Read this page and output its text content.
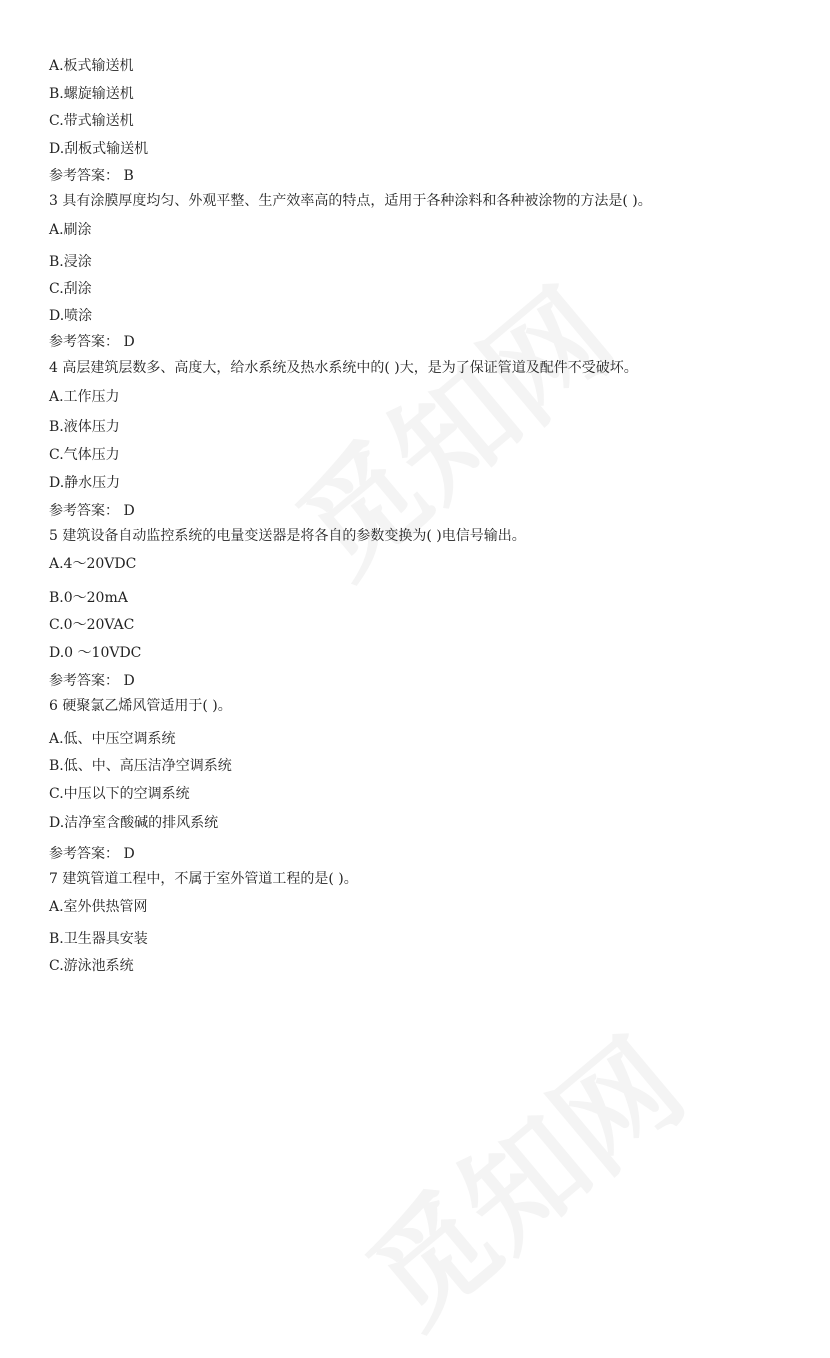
A.板式输送机
B.螺旋输送机
C.带式输送机
D.刮板式输送机
参考答案： B
3 具有涂膜厚度均匀、外观平整、生产效率高的特点，适用于各种涂料和各种被涂物的方法是( )。
A.刷涂
B.浸涂
C.刮涂
D.喷涂
参考答案： D
4 高层建筑层数多、高度大，给水系统及热水系统中的( )大，是为了保证管道及配件不受破坏。
A.工作压力
B.液体压力
C.气体压力
D.静水压力
参考答案： D
5 建筑设备自动监控系统的电量变送器是将各自的参数变换为( )电信号输出。
A.4～20VDC
B.0～20mA
C.0～20VAC
D.0 ～10VDC
参考答案： D
6 硬聚氯乙烯风管适用于( )。
A.低、中压空调系统
B.低、中、高压洁净空调系统
C.中压以下的空调系统
D.洁净室含酸碱的排风系统
参考答案： D
7 建筑管道工程中，不属于室外管道工程的是( )。
A.室外供热管网
B.卫生器具安装
C.游泳池系统
